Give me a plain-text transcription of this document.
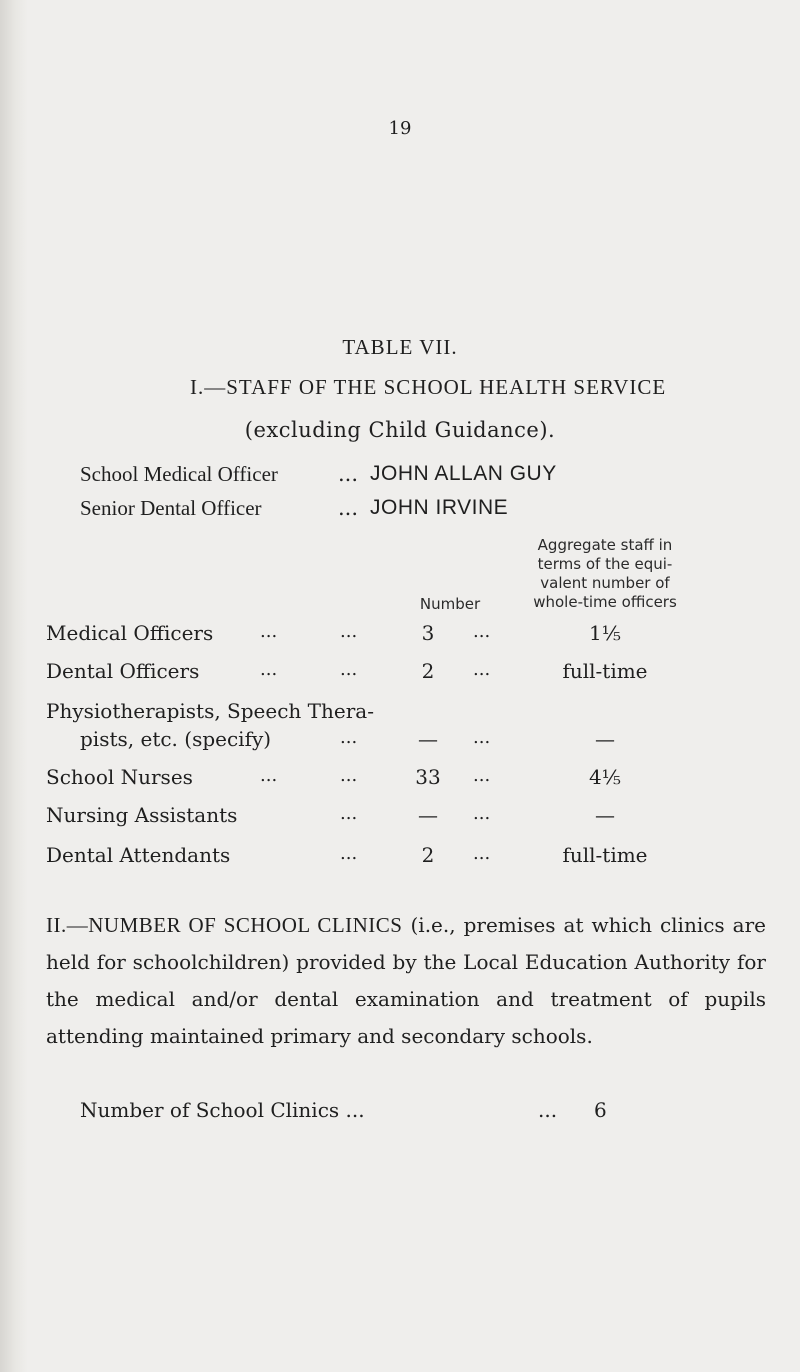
19
TABLE VII.
I.—STAFF OF THE SCHOOL HEALTH SERVICE
(excluding Child Guidance).
School Medical Officer	... JOHN ALLAN GUY
Senior Dental Officer	... JOHN IRVINE
Aggregate staff in
terms of the equi-
valent number of
whole-time officers
Number
Medical Officers	...	...	3	...	1⅕
Dental Officers	...	...	2	...	full-time
Physiotherapists, Speech Thera-
pists, etc. (specify)	...	—	...	—
School Nurses	...	...	33	...	4⅕
Nursing Assistants	...	—	...	—
Dental Attendants	...	2	...	full-time
II.—NUMBER OF SCHOOL CLINICS (i.e., premises at which clinics are held for schoolchildren) provided by the Local Education Authority for the medical and/or dental examination and treatment of pupils attending maintained primary and secondary schools.
Number of School Clinics ...	... 6
